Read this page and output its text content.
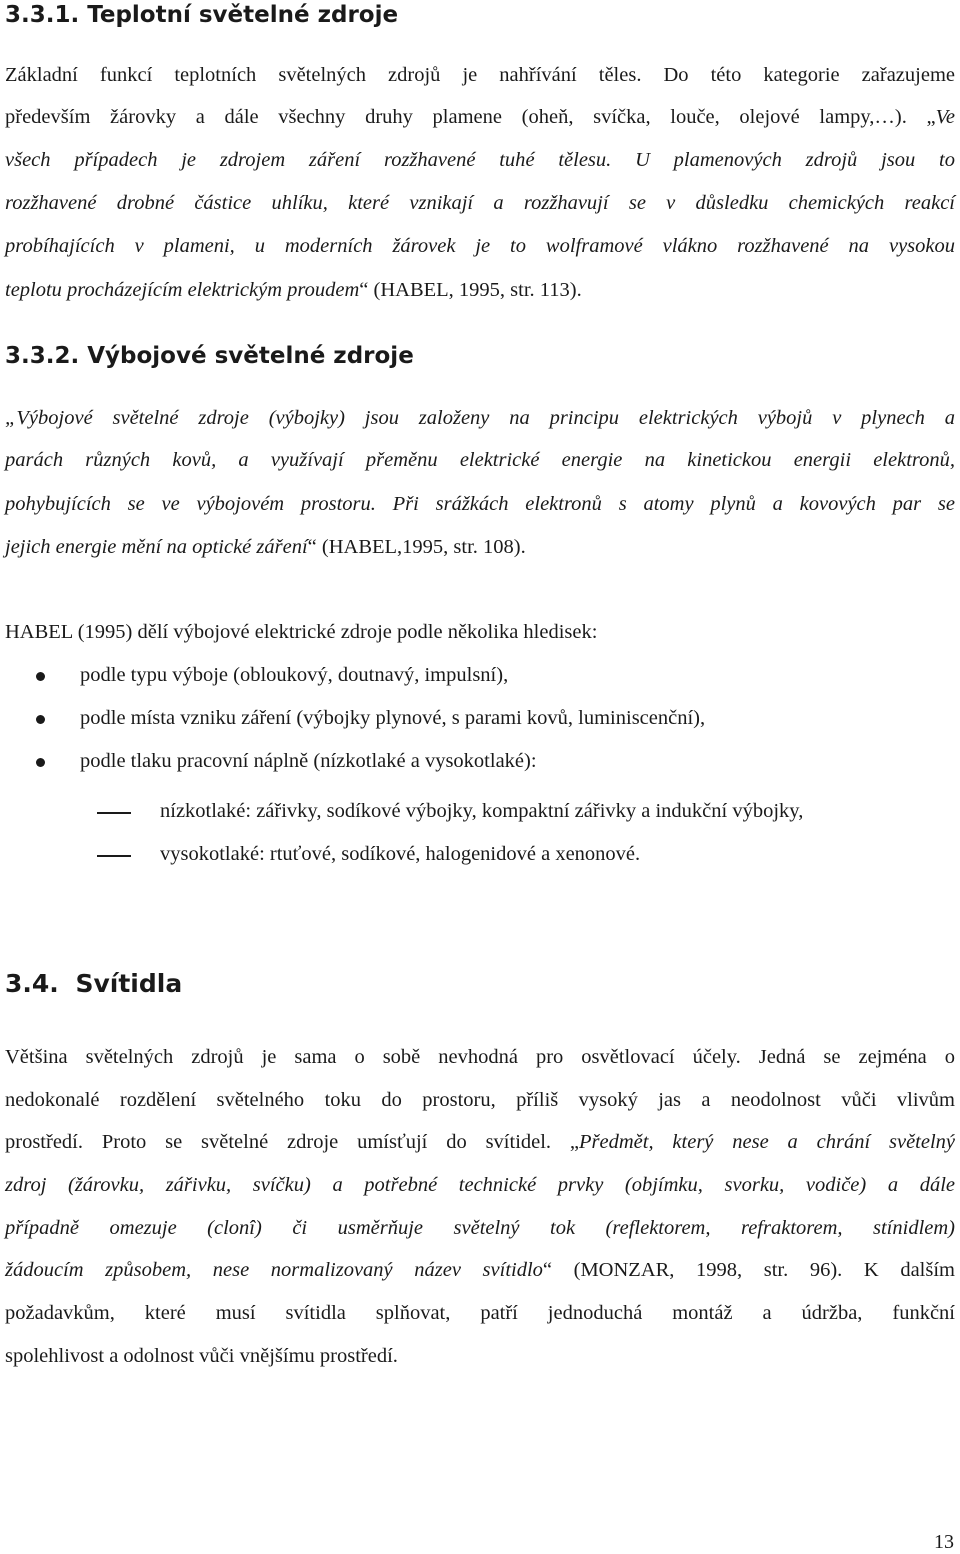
3.3.1. Teplotní světelné zdroje

Základní funkcí teplotních světelných zdrojů je nahřívání těles. Do této kategorie zařazujeme

především žárovky a dále všechny druhy plamene (oheň, svíčka, louče, olejové lampy,…). „Ve

všech případech je zdrojem záření rozžhavené tuhé tělesu. U plamenových zdrojů jsou to

rozžhavené drobné částice uhlíku, které vznikají a rozžhavují se v důsledku chemických reakcí

probíhajících v plameni, u moderních žárovek je to wolframové vlákno rozžhavené na vysokou

teplotu procházejícím elektrickým proudem“ (HABEL, 1995, str. 113).

3.3.2. Výbojové světelné zdroje

„Výbojové světelné zdroje (výbojky) jsou založeny na principu elektrických výbojů v plynech a

parách různých kovů, a využívají přeměnu elektrické energie na kinetickou energii elektronů,

pohybujících se ve výbojovém prostoru. Při srážkách elektronů s atomy plynů a kovových par se

jejich energie mění na optické záření“ (HABEL,1995, str. 108).

HABEL (1995) dělí výbojové elektrické zdroje podle několika hledisek:

podle typu výboje (obloukový, doutnavý, impulsní),

podle místa vzniku záření (výbojky plynové, s parami kovů, luminiscenční),

podle tlaku pracovní náplně (nízkotlaké a vysokotlaké):

nízkotlaké: zářivky, sodíkové výbojky, kompaktní zářivky a indukční výbojky,

vysokotlaké: rtuťové, sodíkové, halogenidové a xenonové.

3.4. Svítidla

Většina světelných zdrojů je sama o sobě nevhodná pro osvětlovací účely. Jedná se zejména o

nedokonalé rozdělení světelného toku do prostoru, příliš vysoký jas a neodolnost vůči vlivům

prostředí. Proto se světelné zdroje umísťují do svítidel. „Předmět, který nese a chrání světelný

zdroj (žárovku, zářivku, svíčku) a potřebné technické prvky (objímku, svorku, vodiče) a dále

případně omezuje (clonî) či usměrňuje světelný tok (reflektorem, refraktorem, stínidlem)

žádoucím způsobem, nese normalizovaný název svítidlo“ (MONZAR, 1998, str. 96). K dalším

požadavkům, které musí svítidla splňovat, patří jednoduchá montáž a údržba, funkční

spolehlivost a odolnost vůči vnějšímu prostředí.

13
